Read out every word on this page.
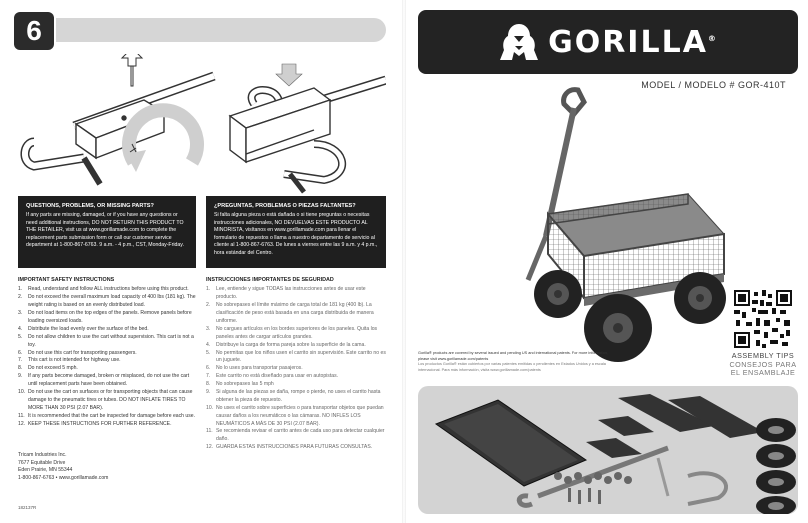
6
QUESTIONS, PROBLEMS, OR MISSING PARTS?
If any parts are missing, damaged, or if you have any questions or need additional instructions, DO NOT RETURN THIS PRODUCT TO THE RETAILER, visit us at www.gorillamade.com to complete the replacement parts submission form or call our customer service department at 1-800-867-6763. 9 a.m. - 4 p.m., CST, Monday-Friday.
¿PREGUNTAS, PROBLEMAS O PIEZAS FALTANTES?
Si falta alguna pieza o está dañada o si tiene preguntas o necesitas instrucciones adicionales, NO DEVUELVAS ESTE PRODUCTO AL MINORISTA, visítanos en www.gorillamade.com para llenar el formulario de repuestos o llama a nuestro departamento de servicio al cliente al 1-800-867-6763. De lunes a viernes entre las 9 a.m. y 4 p.m., hora estándar del Centro.
IMPORTANT SAFETY INSTRUCTIONS
1.	Read, understand and follow ALL instructions before using this product.
2.	Do not exceed the overall maximum load capacity of 400 lbs (181 kg). The weight rating is based on an evenly distributed load.
3.	Do not load items on the top edges of the panels. Remove panels before loading oversized loads.
4.	Distribute the load evenly over the surface of the bed.
5.	Do not allow children to use the cart without supervision. This cart is not a toy.
6.	Do not use this cart for transporting passengers.
7.	This cart is not intended for highway use.
8.	Do not exceed 5 mph.
9.	If any parts become damaged, broken or misplaced, do not use the cart until replacement parts have been obtained.
10. Do not use the cart on surfaces or for transporting objects that can cause damage to the pneumatic tires or tubes. DO NOT INFLATE TIRES TO MORE THAN 30 PSI (2.07 BAR).
11. It is recommended that the cart be inspected for damage before each use.
12. KEEP THESE INSTRUCTIONS FOR FURTHER REFERENCE.
INSTRUCCIONES IMPORTANTES DE SEGURIDAD
1.	Lee, entiende y sigue TODAS las instrucciones antes de usar este producto.
2.	No sobrepases el límite máximo de carga total de 181 kg (400 lb). La clasificación de peso está basada en una carga distribuida de manera uniforme.
3.	No cargues artículos en los bordes superiores de los paneles. Quita los paneles antes de cargar artículos grandes.
4.	Distribuye la carga de forma pareja sobre la superficie de la cama.
5.	No permitas que los niños usen el carrito sin supervisión. Este carrito no es un juguete.
6.	No lo uses para transportar pasajeros.
7.	Este carrito no está diseñado para usar en autopistas.
8.	No sobrepases las 5 mph
9.	Si alguna de las piezas se daña, rompe o pierde, no uses el carrito hasta obtener la pieza de repuesto.
10. No uses el carrito sobre superficies o para transportar objetos que puedan causar daños a los neumáticos o las cámaras. NO INFLES LOS NEUMÁTICOS A MÁS DE 30 PSI (2.07 BAR).
11. Se recomienda revisar el carrito antes de cada uso para detectar cualquier daño.
12. GUARDA ESTAS INSTRUCCIONES PARA FUTURAS CONSULTAS.
Tricam Industries Inc.
7677 Equitable Drive
Eden Prairie, MN 55344
1-800-867-6763 • www.gorillamade.com
182137R
GORILLA®
MODEL / MODELO # GOR-410T
ASSEMBLY TIPS
CONSEJOS PARA
EL ENSAMBLAJE
Gorilla® products are covered by several issued and pending US and international patents. For more information, please visit www.gorillamade.com/patents
Los productos Gorilla® están cubiertos por varias patentes emitidas o pendientes en Estados Unidos y a escala internacional. Para más información, visita www.gorillamade.com/patents
